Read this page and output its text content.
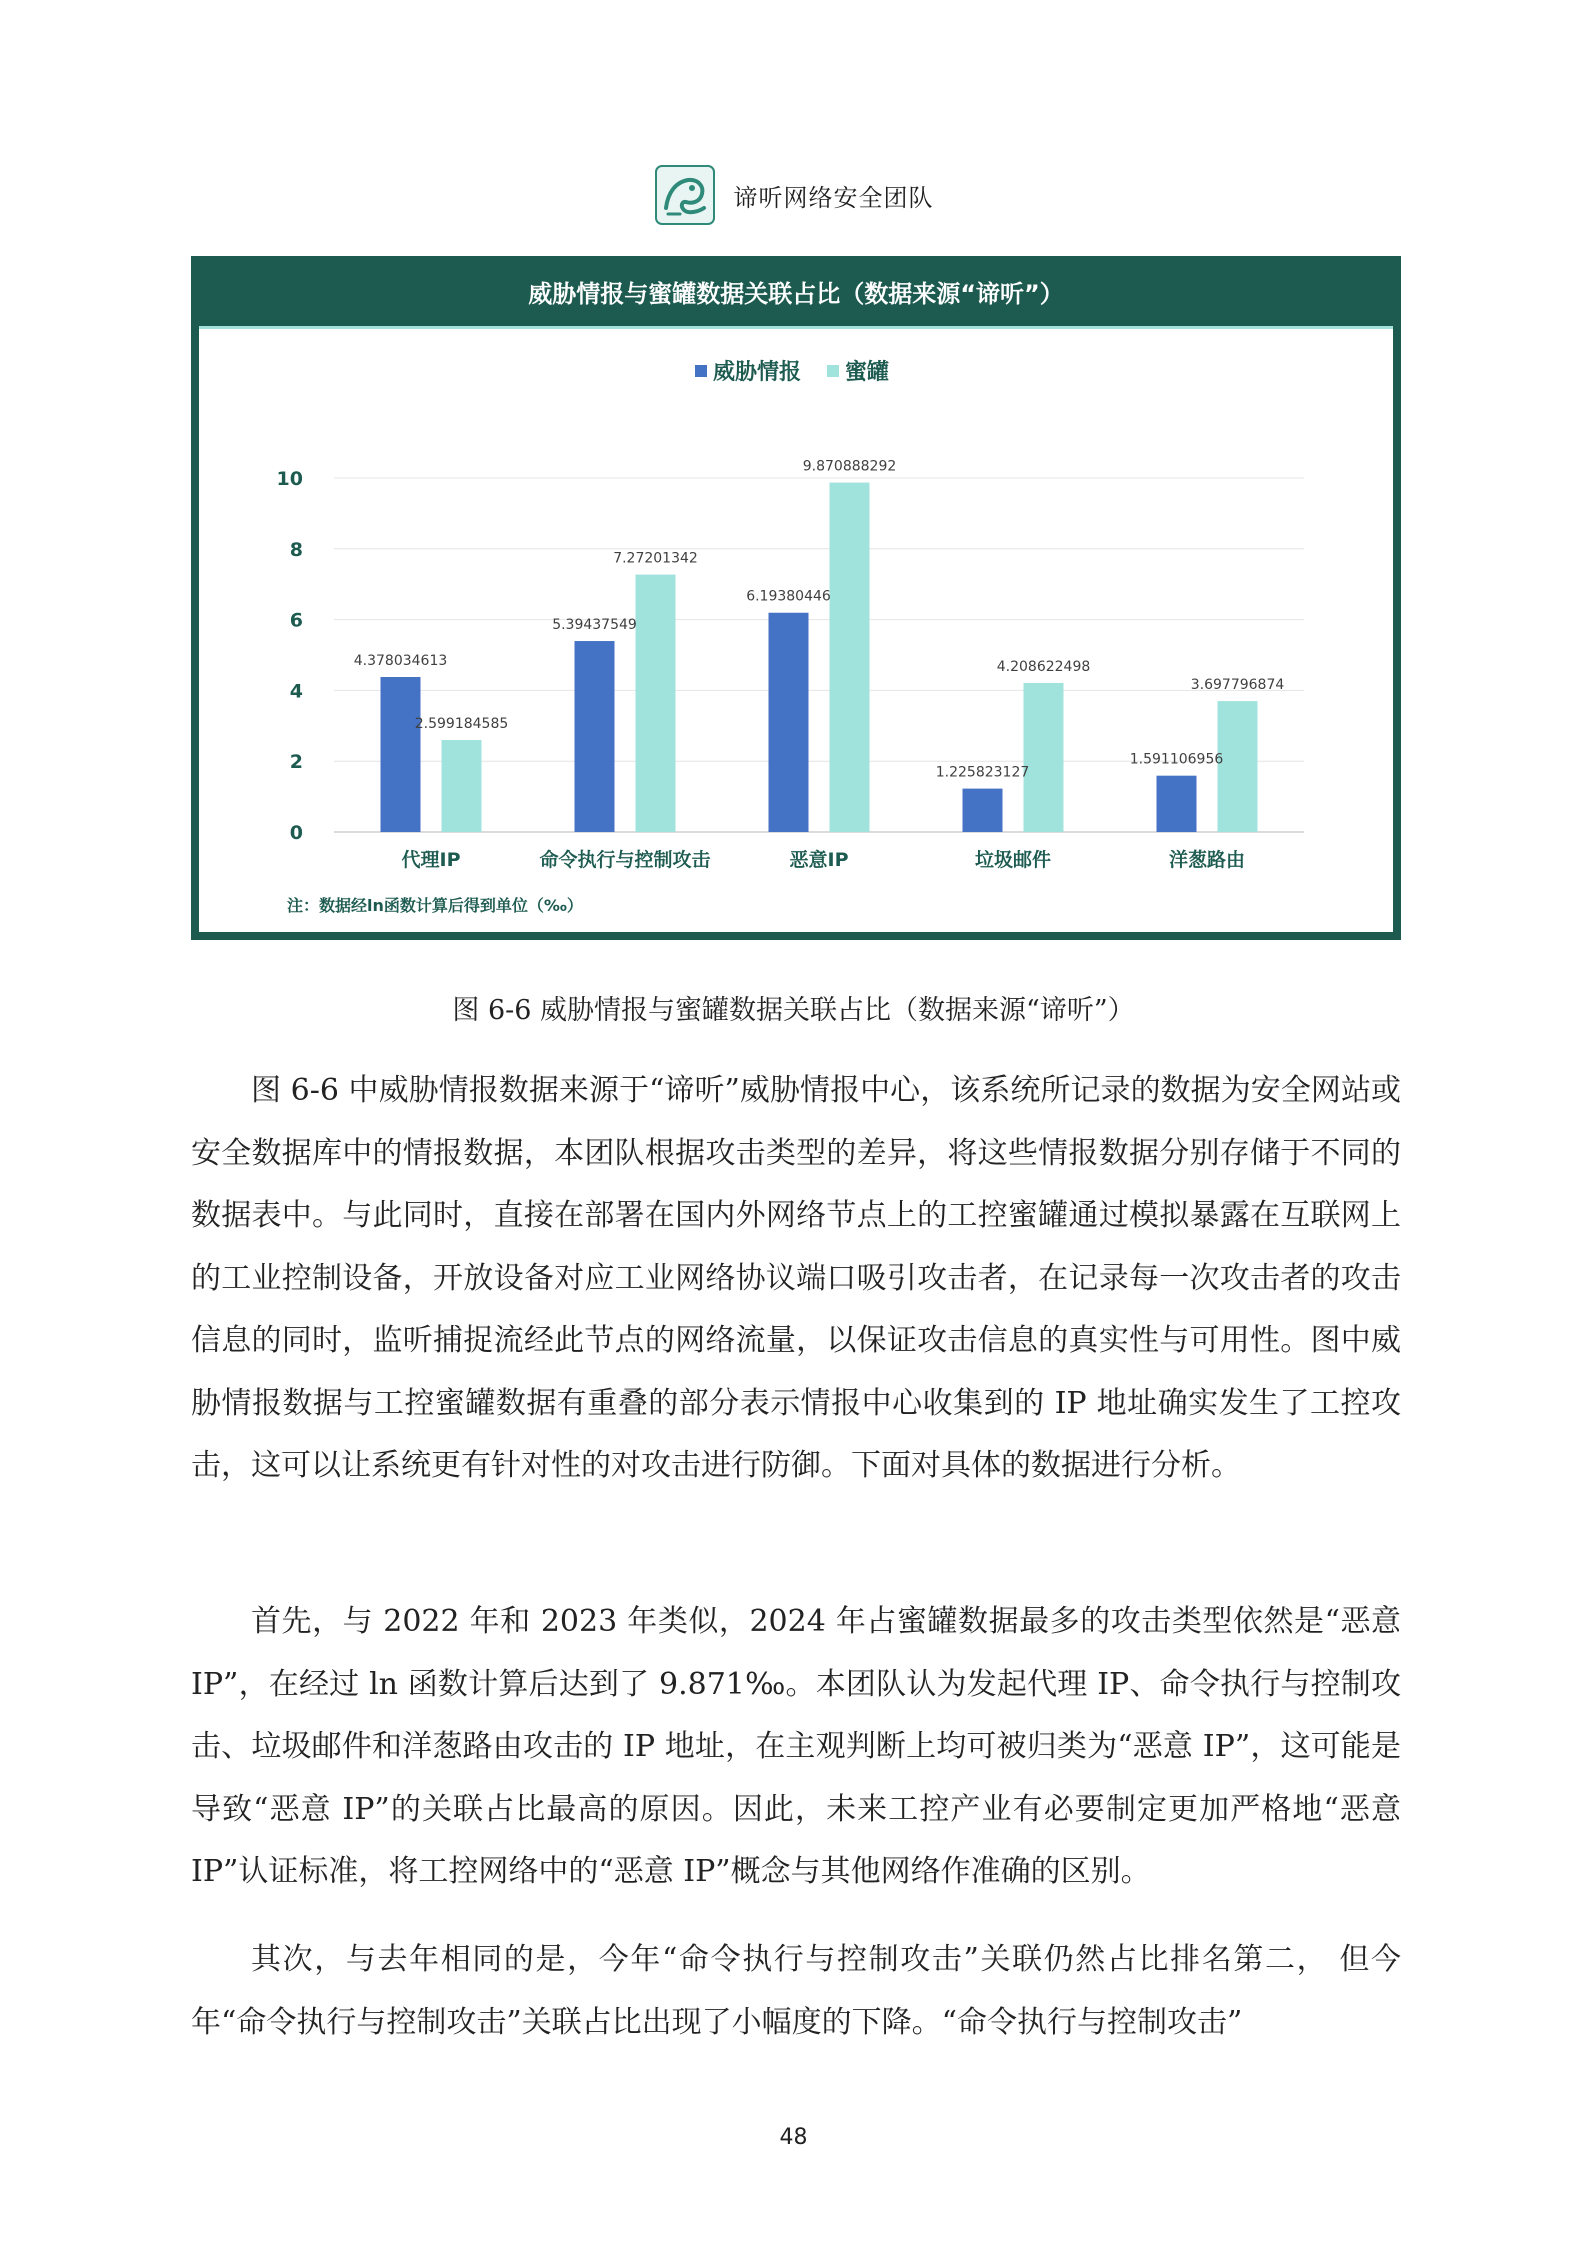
谛听网络安全团队
威胁情报与蜜罐数据关联占比（数据来源“谛听”）
威胁情报 蜜罐
0
2
4
6
8
10
4.378034613
2.599184585
5.39437549
7.27201342
6.19380446
9.870888292
1.225823127
4.208622498
1.591106956
3.697796874
代理IP	命令执行与控制攻击	恶意IP	垃圾邮件	洋葱路由
注：数据经ln函数计算后得到单位（‰）
图 6-6 威胁情报与蜜罐数据关联占比（数据来源“谛听”）

图 6-6 中威胁情报数据来源于“谛听”威胁情报中心，该系统所记录的数据为安全网站或安全数据库中的情报数据，本团队根据攻击类型的差异，将这些情报数据分别存储于不同的数据表中。与此同时，直接在部署在国内外网络节点上的工控蜜罐通过模拟暴露在互联网上的工业控制设备，开放设备对应工业网络协议端口吸引攻击者，在记录每一次攻击者的攻击信息的同时，监听捕捉流经此节点的网络流量，以保证攻击信息的真实性与可用性。图中威胁情报数据与工控蜜罐数据有重叠的部分表示情报中心收集到的 IP 地址确实发生了工控攻击，这可以让系统更有针对性的对攻击进行防御。下面对具体的数据进行分析。

首先，与 2022 年和 2023 年类似，2024 年占蜜罐数据最多的攻击类型依然是“恶意 IP”，在经过 ln 函数计算后达到了 9.871‰。本团队认为发起代理 IP、命令执行与控制攻击、垃圾邮件和洋葱路由攻击的 IP 地址，在主观判断上均可被归类为“恶意 IP”，这可能是导致“恶意 IP”的关联占比最高的原因。因此，未来工控产业有必要制定更加严格地“恶意 IP”认证标准，将工控网络中的“恶意 IP”概念与其他网络作准确的区别。

其次，与去年相同的是，今年“命令执行与控制攻击”关联仍然占比排名第二， 但今年“命令执行与控制攻击”关联占比出现了小幅度的下降。“命令执行与控制攻击”

48
